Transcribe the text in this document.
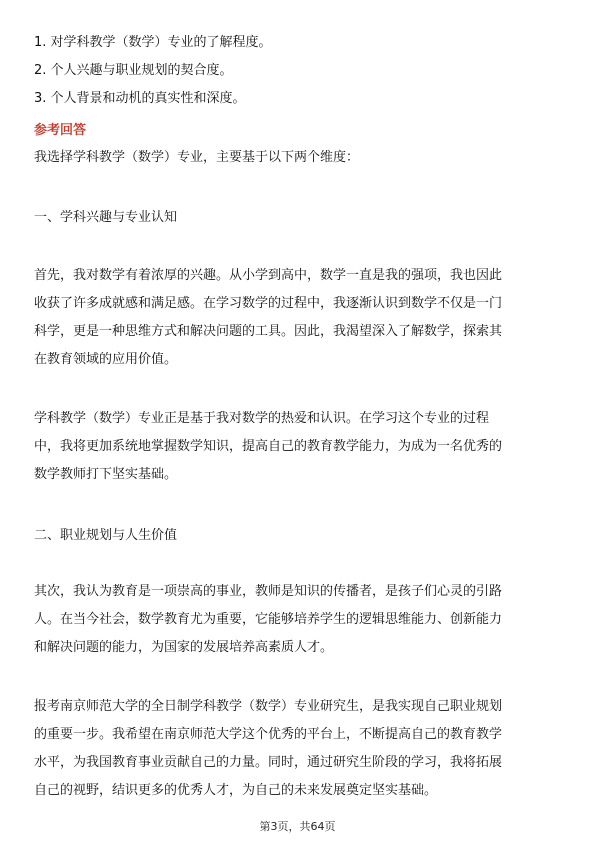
1. 对学科教学（数学）专业的了解程度。
2. 个人兴趣与职业规划的契合度。
3. 个人背景和动机的真实性和深度。
参考回答
我选择学科教学（数学）专业，主要基于以下两个维度：
一、学科兴趣与专业认知
首先，我对数学有着浓厚的兴趣。从小学到高中，数学一直是我的强项，我也因此
收获了许多成就感和满足感。在学习数学的过程中，我逐渐认识到数学不仅是一门
科学，更是一种思维方式和解决问题的工具。因此，我渴望深入了解数学，探索其
在教育领域的应用价值。
学科教学（数学）专业正是基于我对数学的热爱和认识。在学习这个专业的过程
中，我将更加系统地掌握数学知识，提高自己的教育教学能力，为成为一名优秀的
数学教师打下坚实基础。
二、职业规划与人生价值
其次，我认为教育是一项崇高的事业，教师是知识的传播者，是孩子们心灵的引路
人。在当今社会，数学教育尤为重要，它能够培养学生的逻辑思维能力、创新能力
和解决问题的能力，为国家的发展培养高素质人才。
报考南京师范大学的全日制学科教学（数学）专业研究生，是我实现自己职业规划
的重要一步。我希望在南京师范大学这个优秀的平台上，不断提高自己的教育教学
水平，为我国教育事业贡献自己的力量。同时，通过研究生阶段的学习，我将拓展
自己的视野，结识更多的优秀人才，为自己的未来发展奠定坚实基础。
第3页，共64页
